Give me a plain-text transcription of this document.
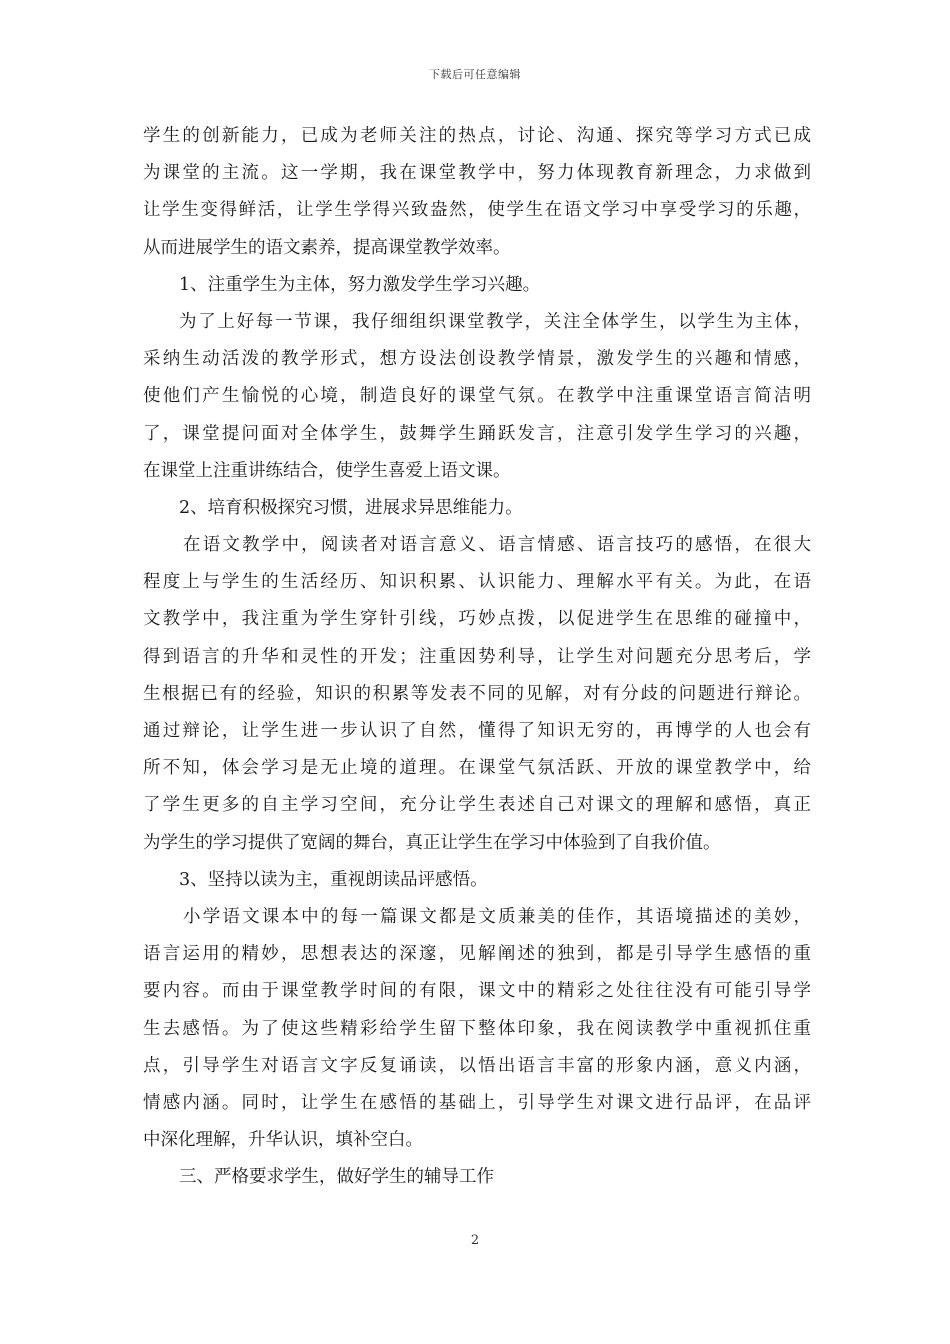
下载后可任意编辑
学生的创新能力，已成为老师关注的热点，讨论、沟通、探究等学习方式已成
为课堂的主流。这一学期，我在课堂教学中，努力体现教育新理念，力求做到
让学生变得鲜活，让学生学得兴致盎然，使学生在语文学习中享受学习的乐趣，
从而进展学生的语文素养，提高课堂教学效率。
1、注重学生为主体，努力激发学生学习兴趣。
为了上好每一节课，我仔细组织课堂教学，关注全体学生，以学生为主体，
采纳生动活泼的教学形式，想方设法创设教学情景，激发学生的兴趣和情感，
使他们产生愉悦的心境，制造良好的课堂气氛。在教学中注重课堂语言简洁明
了，课堂提问面对全体学生，鼓舞学生踊跃发言，注意引发学生学习的兴趣，
在课堂上注重讲练结合，使学生喜爱上语文课。
2、培育积极探究习惯，进展求异思维能力。
在语文教学中，阅读者对语言意义、语言情感、语言技巧的感悟，在很大
程度上与学生的生活经历、知识积累、认识能力、理解水平有关。为此，在语
文教学中，我注重为学生穿针引线，巧妙点拨，以促进学生在思维的碰撞中，
得到语言的升华和灵性的开发；注重因势利导，让学生对问题充分思考后，学
生根据已有的经验，知识的积累等发表不同的见解，对有分歧的问题进行辩论。
通过辩论，让学生进一步认识了自然，懂得了知识无穷的，再博学的人也会有
所不知，体会学习是无止境的道理。在课堂气氛活跃、开放的课堂教学中，给
了学生更多的自主学习空间，充分让学生表述自己对课文的理解和感悟，真正
为学生的学习提供了宽阔的舞台，真正让学生在学习中体验到了自我价值。
3、坚持以读为主，重视朗读品评感悟。
小学语文课本中的每一篇课文都是文质兼美的佳作，其语境描述的美妙，
语言运用的精妙，思想表达的深邃，见解阐述的独到，都是引导学生感悟的重
要内容。而由于课堂教学时间的有限，课文中的精彩之处往往没有可能引导学
生去感悟。为了使这些精彩给学生留下整体印象，我在阅读教学中重视抓住重
点，引导学生对语言文字反复诵读，以悟出语言丰富的形象内涵，意义内涵，
情感内涵。同时，让学生在感悟的基础上，引导学生对课文进行品评，在品评
中深化理解，升华认识，填补空白。
三、严格要求学生，做好学生的辅导工作
2
